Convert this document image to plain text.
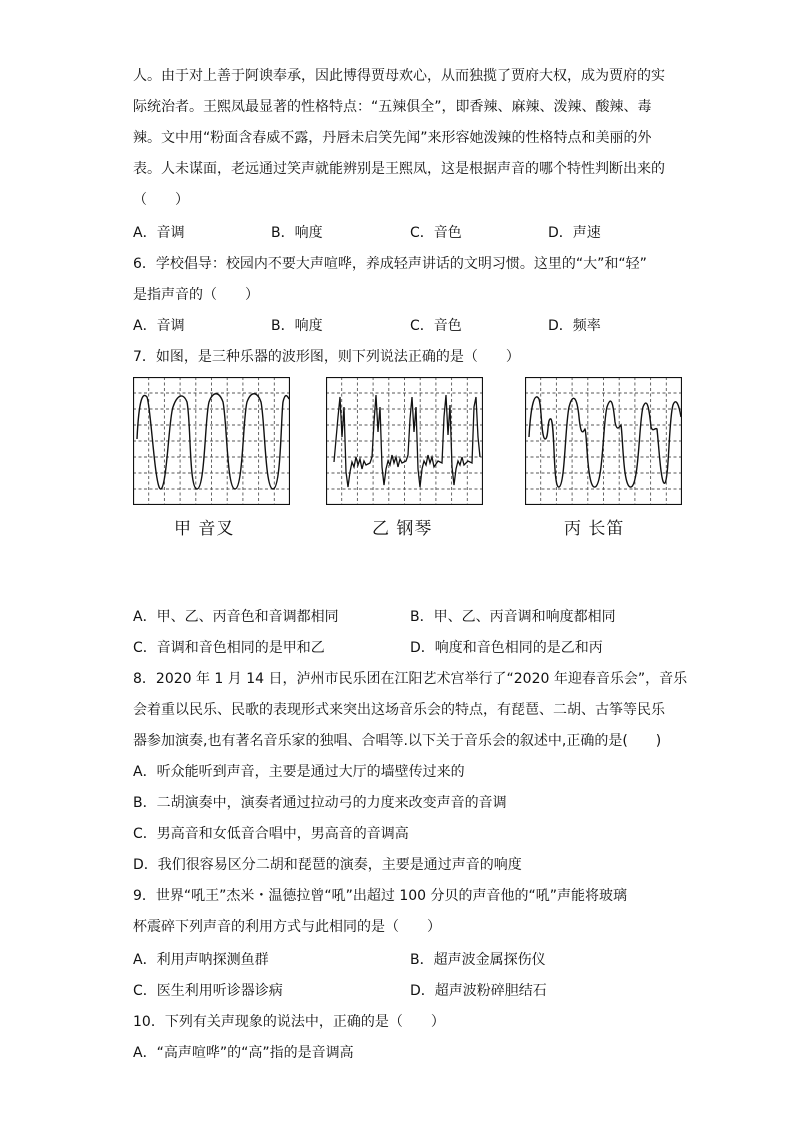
人。由于对上善于阿谀奉承，因此博得贾母欢心，从而独揽了贾府大权，成为贾府的实
际统治者。王熙凤最显著的性格特点：“五辣俱全”，即香辣、麻辣、泼辣、酸辣、毒
辣。文中用“粉面含春威不露，丹唇未启笑先闻”来形容她泼辣的性格特点和美丽的外
表。人未谋面，老远通过笑声就能辨别是王熙凤，这是根据声音的哪个特性判断出来的
（　　）
A．音调	B．响度	C．音色	D．声速
6．学校倡导：校园内不要大声喧哗，养成轻声讲话的文明习惯。这里的“大”和“轻”
是指声音的（　　）
A．音调	B．响度	C．音色	D．频率
7．如图，是三种乐器的波形图，则下列说法正确的是（　　）
甲 音叉	乙 钢琴	丙 长笛
A．甲、乙、丙音色和音调都相同	B．甲、乙、丙音调和响度都相同
C．音调和音色相同的是甲和乙	D．响度和音色相同的是乙和丙
8．2020 年 1 月 14 日，泸州市民乐团在江阳艺术宫举行了“2020 年迎春音乐会”，音乐
会着重以民乐、民歌的表现形式来突出这场音乐会的特点，有琵琶、二胡、古筝等民乐
器参加演奏,也有著名音乐家的独唱、合唱等.以下关于音乐会的叙述中,正确的是(　　)
A．听众能听到声音，主要是通过大厅的墙壁传过来的
B．二胡演奏中，演奏者通过拉动弓的力度来改变声音的音调
C．男高音和女低音合唱中，男高音的音调高
D．我们很容易区分二胡和琵琶的演奏，主要是通过声音的响度
9．世界“吼王”杰米・温德拉曾“吼”出超过 100 分贝的声音他的“吼”声能将玻璃
杯震碎下列声音的利用方式与此相同的是（　　）
A．利用声呐探测鱼群	B．超声波金属探伤仪
C．医生利用听诊器诊病	D．超声波粉碎胆结石
10．下列有关声现象的说法中，正确的是（　　）
A．“高声喧哗”的“高”指的是音调高
